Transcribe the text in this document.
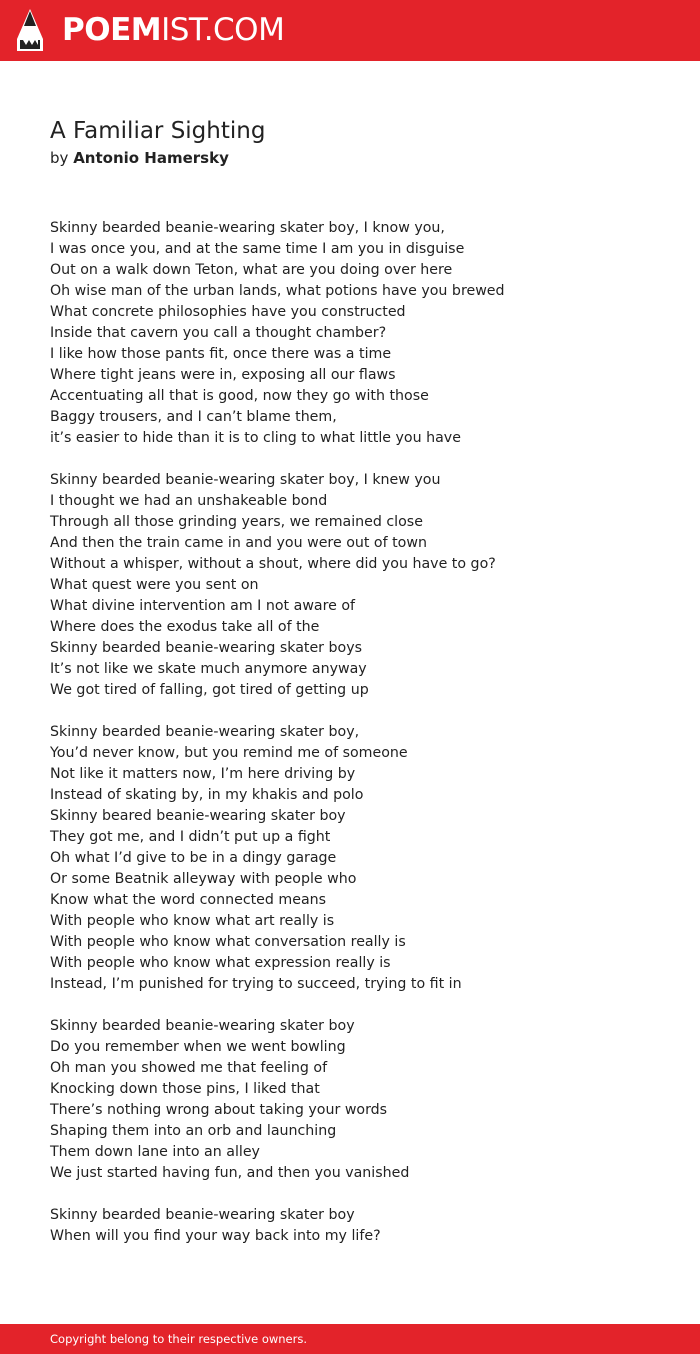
POEMIST.COM
A Familiar Sighting
by Antonio Hamersky
Skinny bearded beanie-wearing skater boy, I know you,
I was once you, and at the same time I am you in disguise
Out on a walk down Teton, what are you doing over here
Oh wise man of the urban lands, what potions have you brewed
What concrete philosophies have you constructed
Inside that cavern you call a thought chamber?
I like how those pants fit, once there was a time
Where tight jeans were in, exposing all our flaws
Accentuating all that is good, now they go with those
Baggy trousers, and I can’t blame them,
it’s easier to hide than it is to cling to what little you have
Skinny bearded beanie-wearing skater boy, I knew you
I thought we had an unshakeable bond
Through all those grinding years, we remained close
And then the train came in and you were out of town
Without a whisper, without a shout, where did you have to go?
What quest were you sent on
What divine intervention am I not aware of
Where does the exodus take all of the
Skinny bearded beanie-wearing skater boys
It’s not like we skate much anymore anyway
We got tired of falling, got tired of getting up
Skinny bearded beanie-wearing skater boy,
You’d never know, but you remind me of someone
Not like it matters now, I’m here driving by
Instead of skating by, in my khakis and polo
Skinny beared beanie-wearing skater boy
They got me, and I didn’t put up a fight
Oh what I’d give to be in a dingy garage
Or some Beatnik alleyway with people who
Know what the word connected means
With people who know what art really is
With people who know what conversation really is
With people who know what expression really is
Instead, I’m punished for trying to succeed, trying to fit in
Skinny bearded beanie-wearing skater boy
Do you remember when we went bowling
Oh man you showed me that feeling of
Knocking down those pins, I liked that
There’s nothing wrong about taking your words
Shaping them into an orb and launching
Them down lane into an alley
We just started having fun, and then you vanished
Skinny bearded beanie-wearing skater boy
When will you find your way back into my life?
Copyright belong to their respective owners.
